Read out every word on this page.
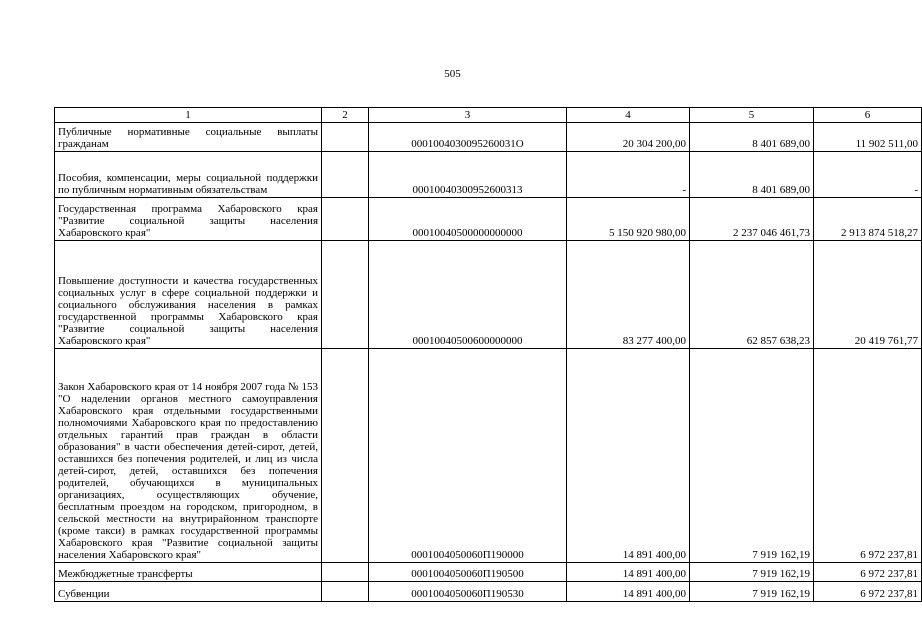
505
1	2	3	4	5	6
Публичные нормативные социальные выплаты гражданам		0001004030095260031O	20 304 200,00	8 401 689,00	11 902 511,00
Пособия, компенсации, меры социальной поддержки по публичным нормативным обязательствам		00010040300952600313	-	8 401 689,00	-
Государственная программа Хабаровского края "Развитие социальной защиты населения Хабаровского края"		00010040500000000000	5 150 920 980,00	2 237 046 461,73	2 913 874 518,27
Повышение доступности и качества государственных социальных услуг в сфере социальной поддержки и социального обслуживания населения в рамках государственной программы Хабаровского края "Развитие социальной защиты населения Хабаровского края"		00010040500600000000	83 277 400,00	62 857 638,23	20 419 761,77
Закон Хабаровского края от 14 ноября 2007 года № 153 "О наделении органов местного самоуправления Хабаровского края отдельными государственными полномочиями Хабаровского края по предоставлению отдельных гарантий прав граждан в области образования" в части обеспечения детей-сирот, детей, оставшихся без попечения родителей, и лиц из числа детей-сирот, детей, оставшихся без попечения родителей, обучающихся в муниципальных организациях, осуществляющих обучение, бесплатным проездом на городском, пригородном, в сельской местности на внутрирайонном транспорте (кроме такси) в рамках государственной программы Хабаровского края "Развитие социальной защиты населения Хабаровского края"		0001004050060П190000	14 891 400,00	7 919 162,19	6 972 237,81
Межбюджетные трансферты		0001004050060П190500	14 891 400,00	7 919 162,19	6 972 237,81
Субвенции		0001004050060П190530	14 891 400,00	7 919 162,19	6 972 237,81
